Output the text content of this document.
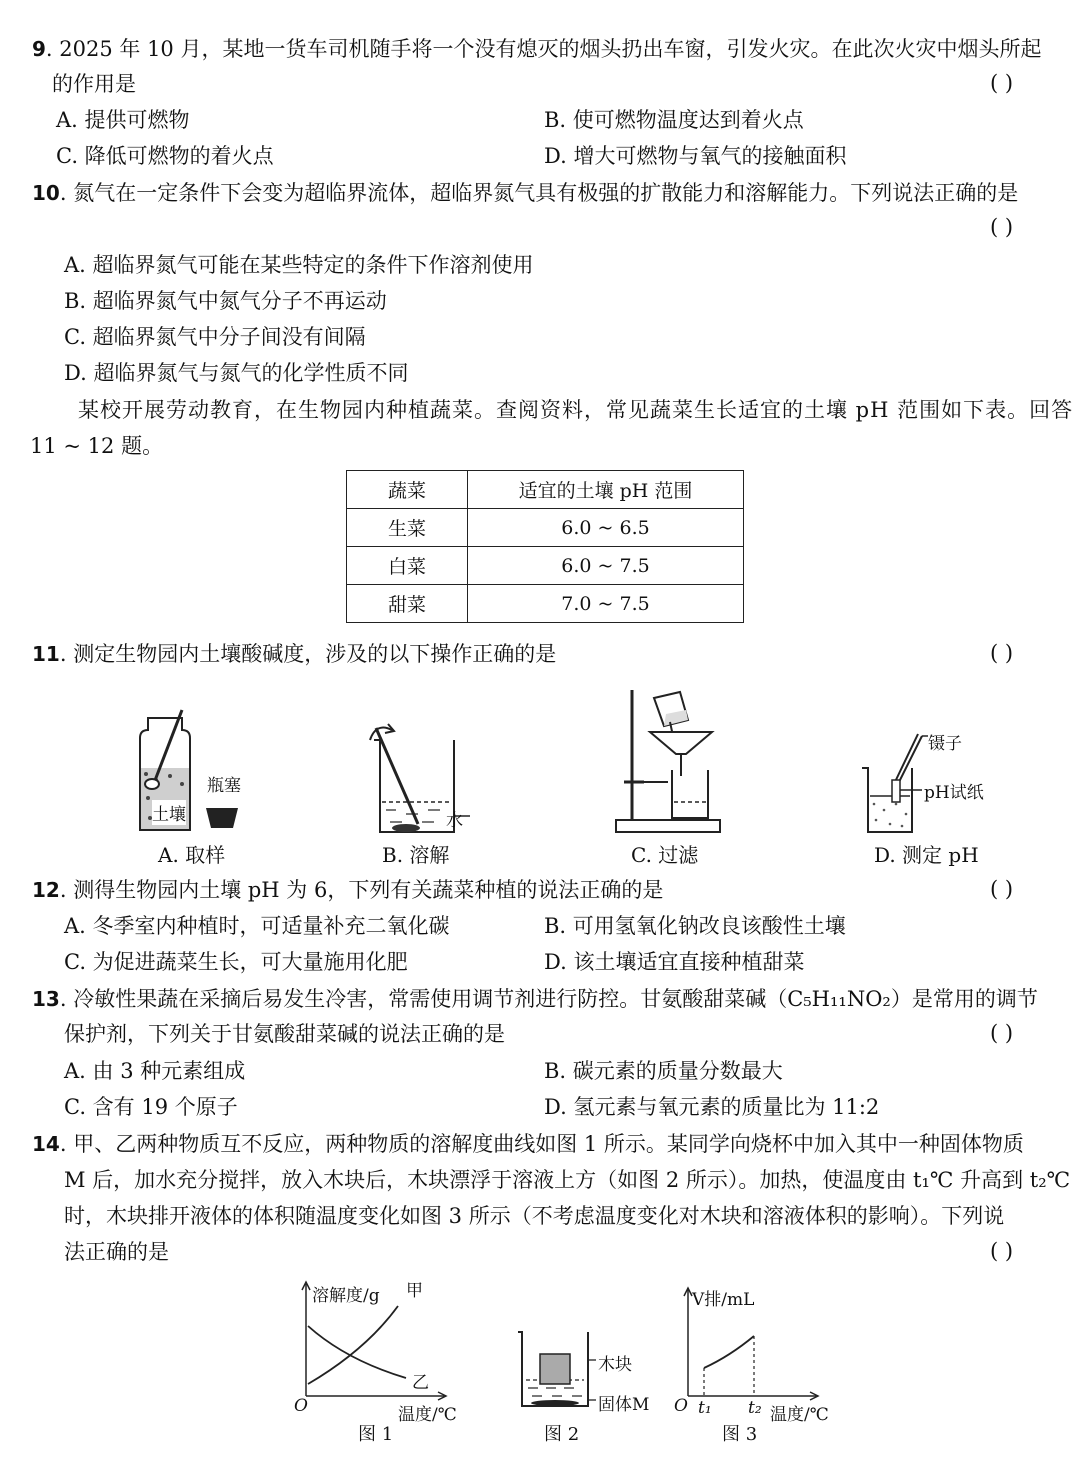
9. 2025 年 10 月，某地一货车司机随手将一个没有熄灭的烟头扔出车窗，引发火灾。在此次火灾中烟头所起
的作用是	( )
A. 提供可燃物	B. 使可燃物温度达到着火点
C. 降低可燃物的着火点	D. 增大可燃物与氧气的接触面积
10. 氮气在一定条件下会变为超临界流体，超临界氮气具有极强的扩散能力和溶解能力。下列说法正确的是
( )
A. 超临界氮气可能在某些特定的条件下作溶剂使用
B. 超临界氮气中氮气分子不再运动
C. 超临界氮气中分子间没有间隔
D. 超临界氮气与氮气的化学性质不同
某校开展劳动教育，在生物园内种植蔬菜。查阅资料，常见蔬菜生长适宜的土壤 pH 范围如下表。回答
11 ~ 12 题。
蔬菜	适宜的土壤 pH 范围
生菜	6.0 ~ 6.5
白菜	6.0 ~ 7.5
甜菜	7.0 ~ 7.5
11. 测定生物园内土壤酸碱度，涉及的以下操作正确的是	( )
土壤
瓶塞
A. 取样
水
B. 溶解	C. 过滤
镊子
pH试纸
D. 测定 pH
12. 测得生物园内土壤 pH 为 6，下列有关蔬菜种植的说法正确的是	( )
A. 冬季室内种植时，可适量补充二氧化碳	B. 可用氢氧化钠改良该酸性土壤
C. 为促进蔬菜生长，可大量施用化肥	D. 该土壤适宜直接种植甜菜
13. 冷敏性果蔬在采摘后易发生冷害，常需使用调节剂进行防控。甘氨酸甜菜碱（C₅H₁₁NO₂）是常用的调节
保护剂，下列关于甘氨酸甜菜碱的说法正确的是	( )
A. 由 3 种元素组成	B. 碳元素的质量分数最大
C. 含有 19 个原子	D. 氢元素与氧元素的质量比为 11:2
14. 甲、乙两种物质互不反应，两种物质的溶解度曲线如图 1 所示。某同学向烧杯中加入其中一种固体物质
M 后，加水充分搅拌，放入木块后，木块漂浮于溶液上方（如图 2 所示）。加热，使温度由 t₁℃ 升高到 t₂℃
时，木块排开液体的体积随温度变化如图 3 所示（不考虑温度变化对木块和溶液体积的影响）。下列说
法正确的是	( )
溶解度/g 甲
乙
O	温度/℃
图 1
木块
固体M
图 2
V排/mL
O t₁ t₂ 温度/℃
图 3
